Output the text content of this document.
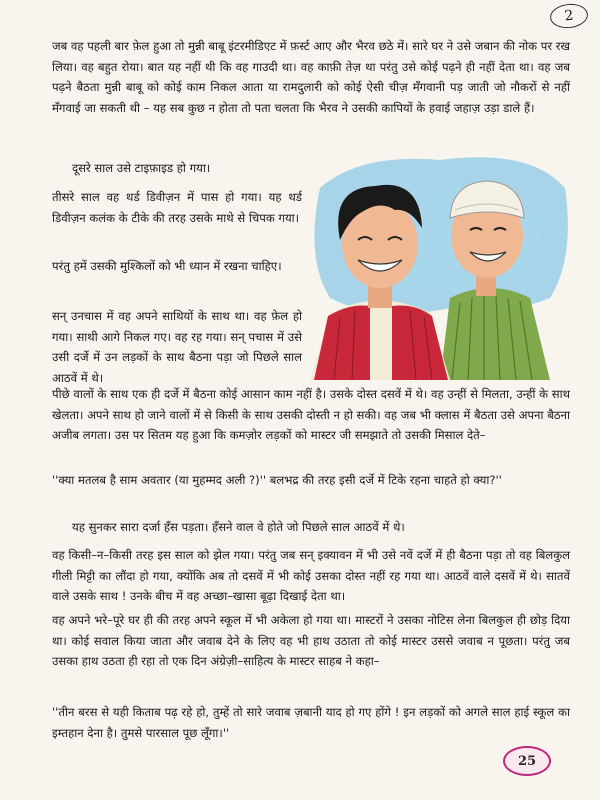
2

जब वह पहली बार फ़ेल हुआ तो मुन्नी बाबू इंटरमीडिएट में फ़र्स्ट आए और भैरव छठे में। सारे घर ने उसे जबान की नोक पर रख लिया। वह बहुत रोया। बात यह नहीं थी कि वह गाउदी था। वह काफ़ी तेज़ था परंतु उसे कोई पढ़ने ही नहीं देता था। वह जब पढ़ने बैठता मुन्नी बाबू को कोई काम निकल आता या रामदुलारी को कोई ऐसी चीज़ मँगवानी पड़ जाती जो नौकरों से नहीं मँगवाई जा सकती थी – यह सब कुछ न होता तो पता चलता कि भैरव ने उसकी कापियों के हवाई जहाज़ उड़ा डाले हैं।

दूसरे साल उसे टाइफ़ाइड हो गया।

तीसरे साल वह थर्ड डिवीज़न में पास हो गया। यह थर्ड डिवीज़न कलंक के टीके की तरह उसके माथे से चिपक गया।

परंतु हमें उसकी मुश्किलों को भी ध्यान में रखना चाहिए।

सन् उनचास में वह अपने साथियों के साथ था। वह फ़ेल हो गया। साथी आगे निकल गए। वह रह गया। सन् पचास में उसे उसी दर्जे में उन लड़कों के साथ बैठना पड़ा जो पिछले साल आठवें में थे।

पीछे वालों के साथ एक ही दर्जे में बैठना कोई आसान काम नहीं है। उसके दोस्त दसवें में थे। वह उन्हीं से मिलता, उन्हीं के साथ खेलता। अपने साथ हो जाने वालों में से किसी के साथ उसकी दोस्ती न हो सकी। वह जब भी क्लास में बैठता उसे अपना बैठना अजीब लगता। उस पर सितम यह हुआ कि कमज़ोर लड़कों को मास्टर जी समझाते तो उसकी मिसाल देते–

''क्या मतलब है साम अवतार (या मुहम्मद अली ?)'' बलभद्र की तरह इसी दर्जे में टिके रहना चाहते हो क्या?''

यह सुनकर सारा दर्जा हँस पड़ता। हँसने वाल वे होते जो पिछले साल आठवें में थे।

वह किसी–न–किसी तरह इस साल को झेल गया। परंतु जब सन् इक्यावन में भी उसे नवें दर्जे में ही बैठना पड़ा तो वह बिलकुल गीली मिट्टी का लौंदा हो गया, क्योंकि अब तो दसवें में भी कोई उसका दोस्त नहीं रह गया था। आठवें वाले दसवें में थे। सातवें वाले उसके साथ ! उनके बीच में वह अच्छा–खासा बूढ़ा दिखाई देता था।

वह अपने भरे–पूरे घर ही की तरह अपने स्कूल में भी अकेला हो गया था। मास्टरों ने उसका नोटिस लेना बिलकुल ही छोड़ दिया था। कोई सवाल किया जाता और जवाब देने के लिए वह भी हाथ उठाता तो कोई मास्टर उससे जवाब न पूछता। परंतु जब उसका हाथ उठता ही रहा तो एक दिन अंग्रेज़ी–साहित्य के मास्टर साहब ने कहा–

''तीन बरस से यही किताब पढ़ रहे हो, तुम्हें तो सारे जवाब ज़बानी याद हो गए होंगे ! इन लड़कों को अगले साल हाई स्कूल का इम्तहान देना है। तुमसे पारसाल पूछ लूँगा।''

25
